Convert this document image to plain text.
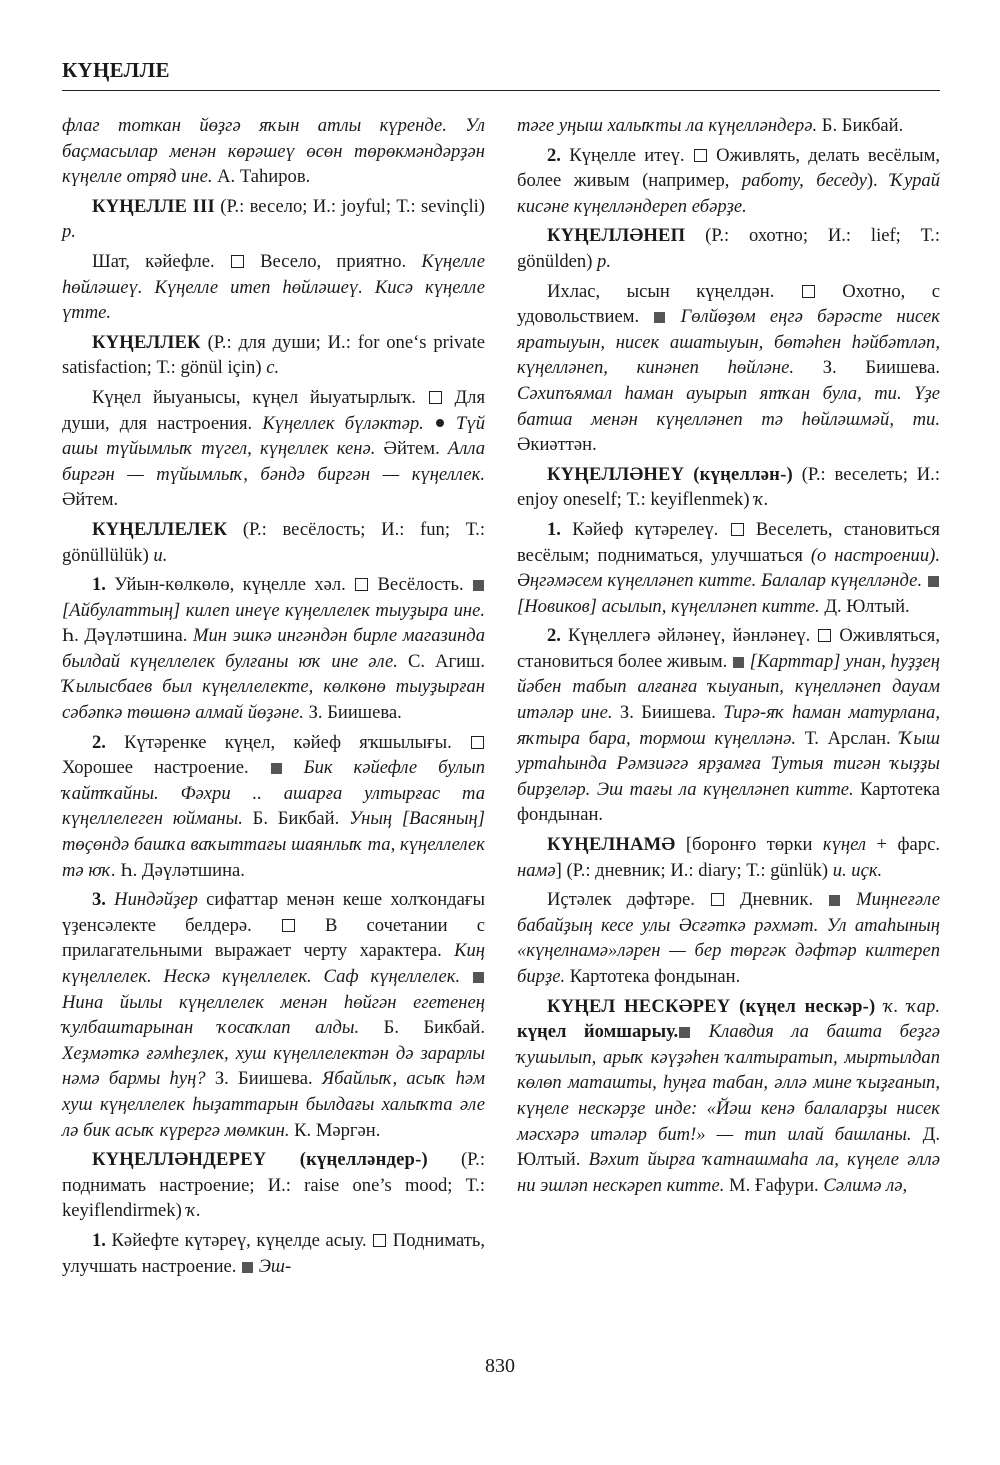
КҮҢЕЛЛЕ

флаг тоткан йөҙгә яҡын атлы күренде. Ул баҫмасылар менән көрәшеү өсөн төрөкмәндәрҙән күңелле отряд ине. А. Таһиров.

КҮҢЕЛЛЕ III (Р.: весело; И.: joyful; Т.: sevinçli) р.

Шат, кәйефле.  Весело, приятно. Күңелле һөйләшеү. Күңелле итеп һөйләшеү. Кисә күңелле үтте.

КҮҢЕЛЛЕК (Р.: для души; И.: for one‘s private satisfaction; Т.: gönül için) с.

Күңел йыуанысы, күңел йыуатырлыҡ.  Для души, для настроения. Күңеллек бүләктәр.  Түй ашы түйымлыҡ түгел, күңеллек кенә. Әйтем. Алла биргән — түйымлыҡ, бәндә биргән — күңеллек. Әйтем.

КҮҢЕЛЛЕЛЕК (Р.: весёлость; И.: fun; Т.: gönüllülük) и.

1. Уйын-көлкөлө, күңелле хәл.  Весёлость.  [Айбулаттың] килеп инеүе күңеллелек тыуҙыра ине. Һ. Дәүләтшина. Мин эшкә ингәндән бирле магазинда былдай күңеллелек булғаны юҡ ине әле. С. Агиш. Ҡылысбаев был күңеллелекте, көлкөнө тыуҙырған сәбәпкә төшөнә алмай йөҙәне. З. Биишева.

2. Күтәренке күңел, кәйеф яҡшылығы.  Хорошее настроение.  Бик кәйефле булып ҡайтҡайны. Фәхри .. ашарға ултырғас та күңеллелеген юйманы. Б. Бикбай. Уның [Васяның] төҫөндә башҡа ваҡыттағы шаянлыҡ та, күңеллелек тә юҡ. Һ. Дәүләтшина.

3. Ниндәйҙер сифаттар менән кеше холҡондағы үҙенсәлекте белдерә.  В сочетании с прилагательными выражает черту характера. Киң күңеллелек. Нескә күңеллелек. Саф күңеллелек.  Нина йылы күңеллелек менән һөйгән егетенең ҡулбаштарынан ҡосаҡлап алды. Б. Бикбай. Хеҙмәткә ғәмһеҙлек, хуш күңеллелектән дә зарарлы нәмә бармы һуң? З. Биишева. Ябайлыҡ, асыҡ һәм хуш күңеллелек һыҙаттарын былдағы халыҡта әле лә бик асыҡ күрергә мөмкин. К. Мәргән.

КҮҢЕЛЛӘНДЕРЕҮ (күңелләндер-) (Р.: поднимать настроение; И.: raise one’s mood; Т.: keyiflendirmek) ҡ.

1. Кәйефте күтәреү, күңелде асыу.  Поднимать, улучшать настроение.  Эш-

тәге уңыш халыҡты ла күңелләндерә. Б. Бикбай.

2. Күңелле итеү.  Оживлять, делать весёлым, более живым (например, работу, беседу). Ҡурай кисәне күңелләндереп ебәрҙе.

КҮҢЕЛЛӘНЕП (Р.: охотно; И.: lief; Т.: gönülden) р.

Ихлас, ысын күңелдән.  Охотно, с удовольствием.  Гөлйөҙөм еңгә бәрәсте нисек яратыуын, нисек ашатыуын, бөтәһен һәйбәтләп, күңелләнеп, кинәнеп һөйләне. З. Биишева. Сәхипъямал һаман ауырып ятҡан була, ти. Үҙе батша менән күңелләнеп тә һөйләшмәй, ти. Әкиәттән.

КҮҢЕЛЛӘНЕҮ (күңеллән-) (Р.: веселеть; И.: enjoy oneself; Т.: keyiflenmek) ҡ.

1. Кәйеф күтәрелеү.  Веселеть, становиться весёлым; подниматься, улучшаться (о настроении). Әңгәмәсем күңелләнеп китте. Балалар күңелләнде.  [Новиков] асылып, күңелләнеп китте. Д. Юлтый.

2. Күңеллегә әйләнеү, йәнләнеү.  Оживляться, становиться более живым.  [Карттар] унан, һуҙҙең йәбен табып алғанға ҡыуанып, күңелләнеп дауам итәләр ине. З. Биишева. Тирә-яҡ һаман матурлана, яҡтыра бара, тормош күңелләнә. Т. Арслан. Ҡыш уртаһында Рәмзиәгә ярҙамға Тутыя тигән ҡыҙҙы бирҙеләр. Эш тағы ла күңелләнеп китте. Картотека фондынан.

КҮҢЕЛНАМӘ [боронғо төрки күңел + фарс. намә] (Р.: дневник; И.: diary; Т.: günlük) и. иҫк.

Иҫтәлек дәфтәре.  Дневник.  Миңнеғәле бабайҙың кесе улы Әсғәткә рәхмәт. Ул атаһының «күңелнамә»ләрен — бер төргәк дәфтәр килтереп бирҙе. Картотека фондынан.

КҮҢЕЛ НЕСКӘРЕҮ (күңел нескәр-) ҡ. ҡар. күңел йомшарыу. Клавдия ла башта беҙгә ҡушылып, арыҡ кәүҙәһен ҡалтыратып, мыртылдап көлөп маташты, һуңға табан, әллә мине ҡыҙғанып, күңеле нескәрҙе инде: «Йәш кенә балаларҙы нисек мәсхәрә итәләр бит!» — тип илай башланы. Д. Юлтый. Вәхит йырға ҡатнашмаһа ла, күңеле әллә ни эшләп нескәреп китте. М. Ғафури. Сәлимә лә,

830
